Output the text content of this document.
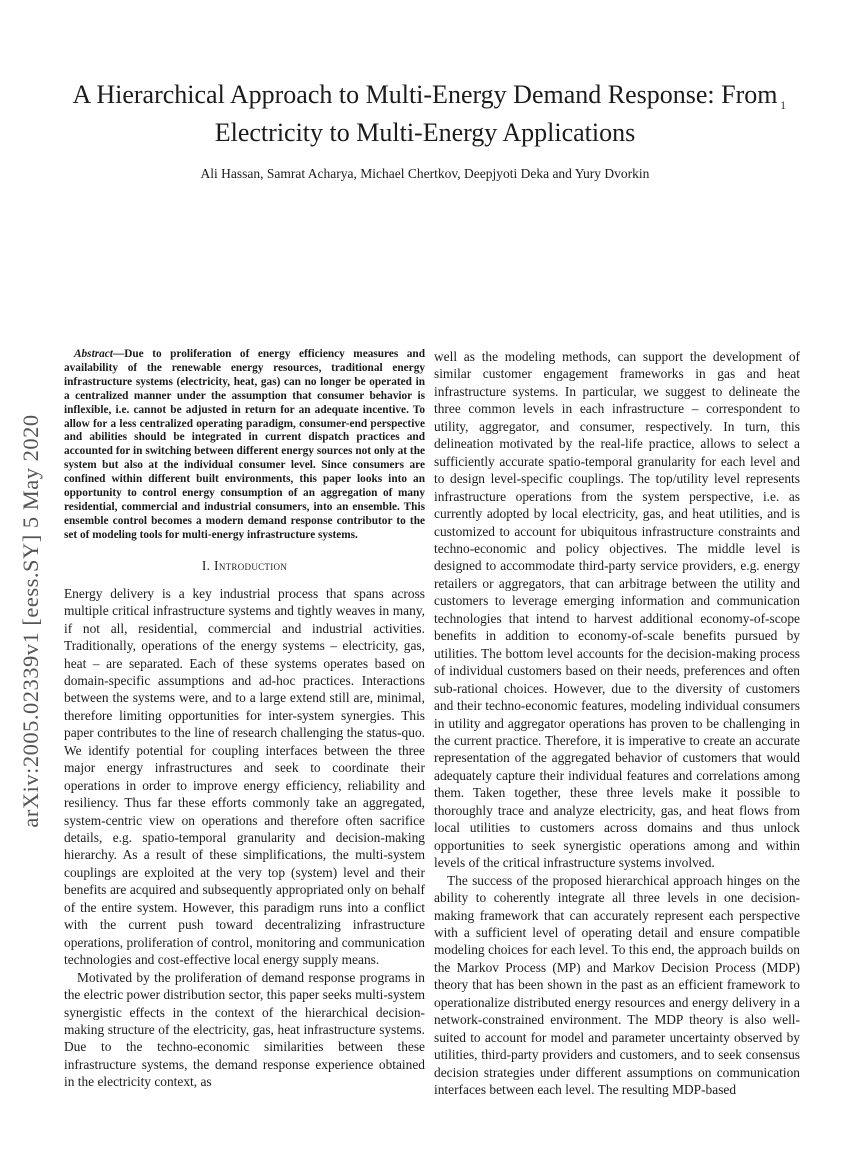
1
arXiv:2005.02339v1 [eess.SY] 5 May 2020
A Hierarchical Approach to Multi-Energy Demand Response: From Electricity to Multi-Energy Applications
Ali Hassan, Samrat Acharya, Michael Chertkov, Deepjyoti Deka and Yury Dvorkin

Abstract—Due to proliferation of energy efficiency measures and availability of the renewable energy resources, traditional energy infrastructure systems (electricity, heat, gas) can no longer be operated in a centralized manner under the assumption that consumer behavior is inflexible, i.e. cannot be adjusted in return for an adequate incentive. To allow for a less centralized operating paradigm, consumer-end perspective and abilities should be integrated in current dispatch practices and accounted for in switching between different energy sources not only at the system but also at the individual consumer level. Since consumers are confined within different built environments, this paper looks into an opportunity to control energy consumption of an aggregation of many residential, commercial and industrial consumers, into an ensemble. This ensemble control becomes a modern demand response contributor to the set of modeling tools for multi-energy infrastructure systems.

I. Introduction

Energy delivery is a key industrial process that spans across multiple critical infrastructure systems and tightly weaves in many, if not all, residential, commercial and industrial activities. Traditionally, operations of the energy systems – electricity, gas, heat – are separated. Each of these systems operates based on domain-specific assumptions and ad-hoc practices. Interactions between the systems were, and to a large extend still are, minimal, therefore limiting opportunities for inter-system synergies. This paper contributes to the line of research challenging the status-quo. We identify potential for coupling interfaces between the three major energy infrastructures and seek to coordinate their operations in order to improve energy efficiency, reliability and resiliency. Thus far these efforts commonly take an aggregated, system-centric view on operations and therefore often sacrifice details, e.g. spatio-temporal granularity and decision-making hierarchy. As a result of these simplifications, the multi-system couplings are exploited at the very top (system) level and their benefits are acquired and subsequently appropriated only on behalf of the entire system. However, this paradigm runs into a conflict with the current push toward decentralizing infrastructure operations, proliferation of control, monitoring and communication technologies and cost-effective local energy supply means.

Motivated by the proliferation of demand response programs in the electric power distribution sector, this paper seeks multi-system synergistic effects in the context of the hierarchical decision-making structure of the electricity, gas, heat infrastructure systems. Due to the techno-economic similarities between these infrastructure systems, the demand response experience obtained in the electricity context, as

well as the modeling methods, can support the development of similar customer engagement frameworks in gas and heat infrastructure systems. In particular, we suggest to delineate the three common levels in each infrastructure – correspondent to utility, aggregator, and consumer, respectively. In turn, this delineation motivated by the real-life practice, allows to select a sufficiently accurate spatio-temporal granularity for each level and to design level-specific couplings. The top/utility level represents infrastructure operations from the system perspective, i.e. as currently adopted by local electricity, gas, and heat utilities, and is customized to account for ubiquitous infrastructure constraints and techno-economic and policy objectives. The middle level is designed to accommodate third-party service providers, e.g. energy retailers or aggregators, that can arbitrage between the utility and customers to leverage emerging information and communication technologies that intend to harvest additional economy-of-scope benefits in addition to economy-of-scale benefits pursued by utilities. The bottom level accounts for the decision-making process of individual customers based on their needs, preferences and often sub-rational choices. However, due to the diversity of customers and their techno-economic features, modeling individual consumers in utility and aggregator operations has proven to be challenging in the current practice. Therefore, it is imperative to create an accurate representation of the aggregated behavior of customers that would adequately capture their individual features and correlations among them. Taken together, these three levels make it possible to thoroughly trace and analyze electricity, gas, and heat flows from local utilities to customers across domains and thus unlock opportunities to seek synergistic operations among and within levels of the critical infrastructure systems involved.

The success of the proposed hierarchical approach hinges on the ability to coherently integrate all three levels in one decision-making framework that can accurately represent each perspective with a sufficient level of operating detail and ensure compatible modeling choices for each level. To this end, the approach builds on the Markov Process (MP) and Markov Decision Process (MDP) theory that has been shown in the past as an efficient framework to operationalize distributed energy resources and energy delivery in a network-constrained environment. The MDP theory is also well-suited to account for model and parameter uncertainty observed by utilities, third-party providers and customers, and to seek consensus decision strategies under different assumptions on communication interfaces between each level. The resulting MDP-based
